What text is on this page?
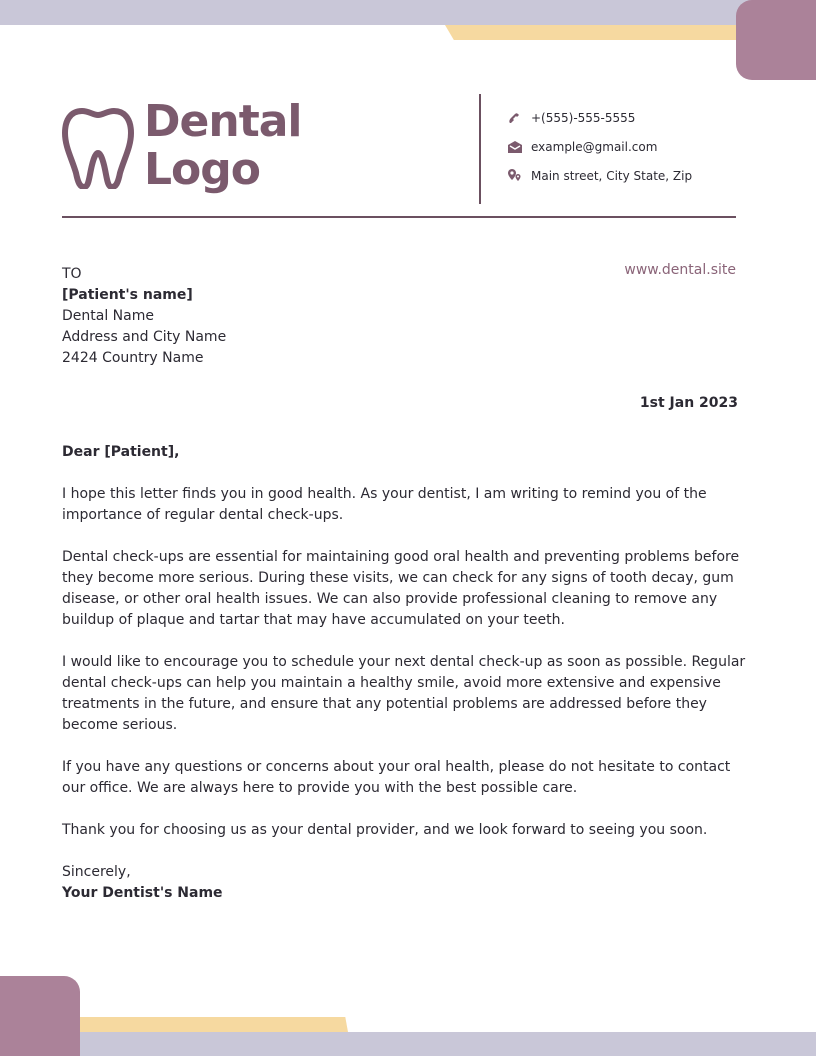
Dental
Logo
+(555)-555-5555
example@gmail.com
Main street, City State, Zip
www.dental.site
TO
[Patient's name]
Dental Name
Address and City Name
2424 Country Name
1st Jan 2023

Dear [Patient],

I hope this letter finds you in good health. As your dentist, I am writing to remind you of the importance of regular dental check-ups.

Dental check-ups are essential for maintaining good oral health and preventing problems before they become more serious. During these visits, we can check for any signs of tooth decay, gum disease, or other oral health issues. We can also provide professional cleaning to remove any buildup of plaque and tartar that may have accumulated on your teeth.

I would like to encourage you to schedule your next dental check-up as soon as possible. Regular dental check-ups can help you maintain a healthy smile, avoid more extensive and expensive treatments in the future, and ensure that any potential problems are addressed before they become serious.

If you have any questions or concerns about your oral health, please do not hesitate to contact our office. We are always here to provide you with the best possible care.

Thank you for choosing us as your dental provider, and we look forward to seeing you soon.

Sincerely,
Your Dentist's Name
